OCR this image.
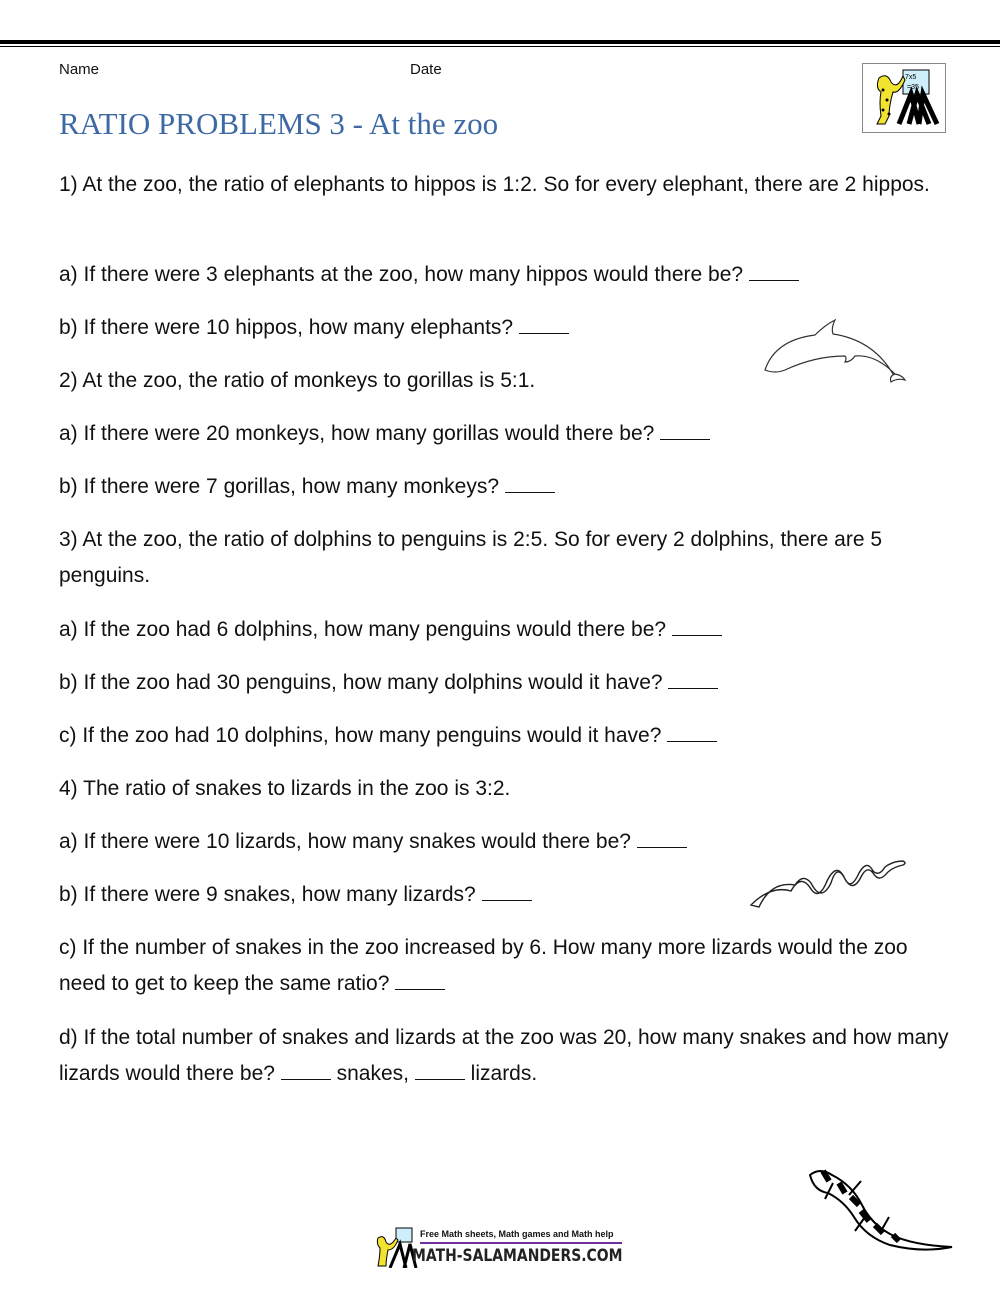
Name	Date
RATIO PROBLEMS 3 - At the zoo
7x5
=35
1) At the zoo, the ratio of elephants to hippos is 1:2. So for every elephant, there are 2 hippos.
a) If there were 3 elephants at the zoo, how many hippos would there be?
b) If there were 10 hippos, how many elephants?
2) At the zoo, the ratio of monkeys to gorillas is 5:1.
a) If there were 20 monkeys, how many gorillas would there be?
b) If there were 7 gorillas, how many monkeys?
3) At the zoo, the ratio of dolphins to penguins is 2:5. So for every 2 dolphins, there are 5 penguins.
a) If the zoo had 6 dolphins, how many penguins would there be?
b) If the zoo had 30 penguins, how many dolphins would it have?
c) If the zoo had 10 dolphins, how many penguins would it have?
4) The ratio of snakes to lizards in the zoo is 3:2.
a) If there were 10 lizards, how many snakes would there be?
b) If there were 9 snakes, how many lizards?
c) If the number of snakes in the zoo increased by 6. How many more lizards would the zoo need to get to keep the same ratio?
d) If the total number of snakes and lizards at the zoo was 20, how many snakes and how many lizards would there be?  snakes,  lizards.
Free Math sheets, Math games and Math help
MATH-SALAMANDERS.COM
